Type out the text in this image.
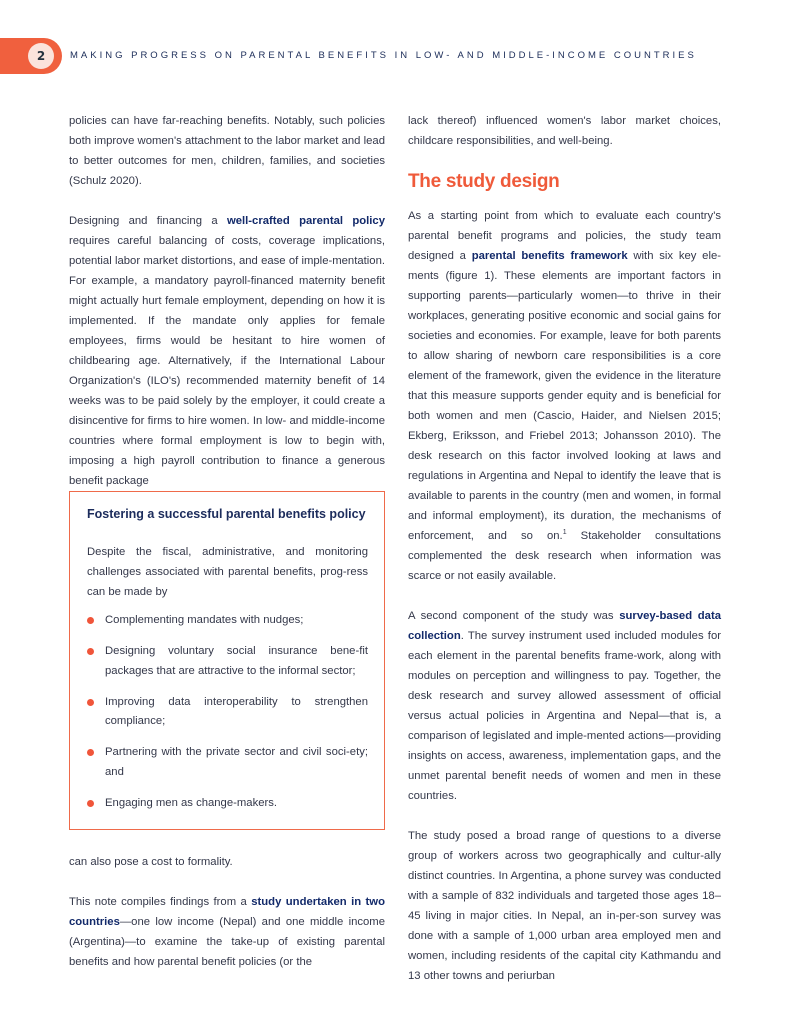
2	MAKING PROGRESS ON PARENTAL BENEFITS IN LOW- AND MIDDLE-INCOME COUNTRIES

policies can have far-reaching benefits. Notably, such policies both improve women's attachment to the labor market and lead to better outcomes for men, children, families, and societies (Schulz 2020).

Designing and financing a well-crafted parental policy requires careful balancing of costs, coverage implications, potential labor market distortions, and ease of imple-mentation. For example, a mandatory payroll-financed maternity benefit might actually hurt female employment, depending on how it is implemented. If the mandate only applies for female employees, firms would be hesitant to hire women of childbearing age. Alternatively, if the International Labour Organization's (ILO's) recommended maternity benefit of 14 weeks was to be paid solely by the employer, it could create a disincentive for firms to hire women. In low- and middle-income countries where formal employment is low to begin with, imposing a high payroll contribution to finance a generous benefit package

Fostering a successful parental benefits policy
Despite the fiscal, administrative, and monitoring challenges associated with parental benefits, prog-ress can be made by
Complementing mandates with nudges;
Designing voluntary social insurance bene-fit packages that are attractive to the informal sector;
Improving data interoperability to strengthen compliance;
Partnering with the private sector and civil soci-ety; and
Engaging men as change-makers.

can also pose a cost to formality.

This note compiles findings from a study undertaken in two countries—one low income (Nepal) and one middle income (Argentina)—to examine the take-up of existing parental benefits and how parental benefit policies (or the

lack thereof) influenced women's labor market choices, childcare responsibilities, and well-being.

The study design

As a starting point from which to evaluate each country's parental benefit programs and policies, the study team designed a parental benefits framework with six key ele-ments (figure 1). These elements are important factors in supporting parents—particularly women—to thrive in their workplaces, generating positive economic and social gains for societies and economies. For example, leave for both parents to allow sharing of newborn care responsibilities is a core element of the framework, given the evidence in the literature that this measure supports gender equity and is beneficial for both women and men (Cascio, Haider, and Nielsen 2015; Ekberg, Eriksson, and Friebel 2013; Johansson 2010). The desk research on this factor involved looking at laws and regulations in Argentina and Nepal to identify the leave that is available to parents in the country (men and women, in formal and informal employment), its duration, the mechanisms of enforcement, and so on.$^1$ Stakeholder consultations complemented the desk research when information was scarce or not easily available.

A second component of the study was survey-based data collection. The survey instrument used included modules for each element in the parental benefits frame-work, along with modules on perception and willingness to pay. Together, the desk research and survey allowed assessment of official versus actual policies in Argentina and Nepal—that is, a comparison of legislated and imple-mented actions—providing insights on access, awareness, implementation gaps, and the unmet parental benefit needs of women and men in these countries.

The study posed a broad range of questions to a diverse group of workers across two geographically and cultur-ally distinct countries. In Argentina, a phone survey was conducted with a sample of 832 individuals and targeted those ages 18–45 living in major cities. In Nepal, an in-per-son survey was done with a sample of 1,000 urban area employed men and women, including residents of the capital city Kathmandu and 13 other towns and periurban
